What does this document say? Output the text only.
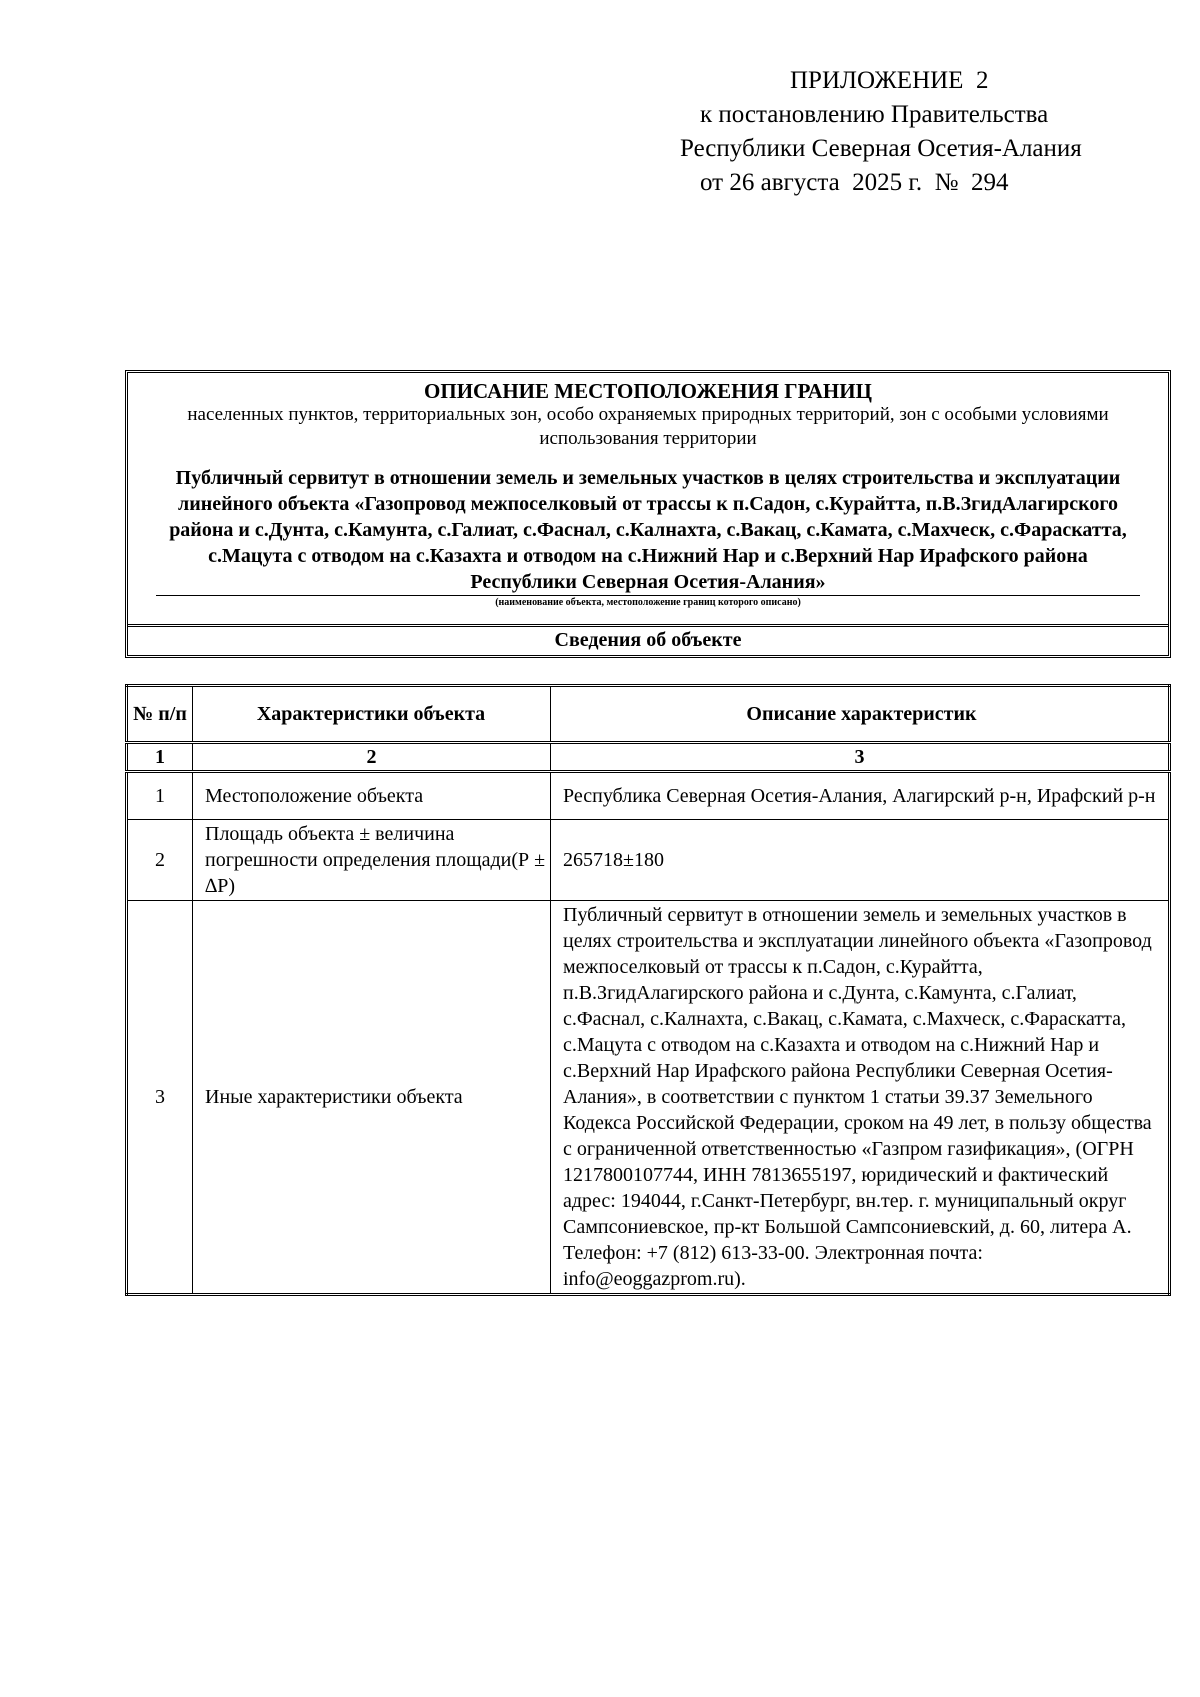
ПРИЛОЖЕНИЕ  2
к постановлению Правительства
Республики Северная Осетия-Алания
от 26 августа  2025 г.  №  294
ОПИСАНИЕ МЕСТОПОЛОЖЕНИЯ ГРАНИЦ
населенных пунктов, территориальных зон, особо охраняемых природных территорий, зон с особыми условиями использования территории
Публичный сервитут в отношении земель и земельных участков в целях строительства и эксплуатации линейного объекта «Газопровод межпоселковый от трассы к п.Садон, с.Курайтта, п.В.ЗгидАлагирского района и с.Дунта, с.Камунта, с.Галиат, с.Фаснал, с.Калнахта, с.Вакац, с.Камата, с.Махческ, с.Фараскатта, с.Мацута с отводом на с.Казахта и отводом на с.Нижний Нар и с.Верхний Нар Ирафского района Республики Северная Осетия-Алания»
(наименование объекта, местоположение границ которого описано)
Сведения об объекте
№ п/п	Характеристики объекта	Описание характеристик
1	2	3
1	Местоположение объекта	Республика Северная Осетия-Алания, Алагирский р-н, Ирафский р-н
2	Площадь объекта ± величина погрешности определения площади(Р ± ∆Р)	265718±180
3	Иные характеристики объекта	Публичный сервитут в отношении земель и земельных участков в целях строительства и эксплуатации линейного объекта «Газопровод межпоселковый от трассы к п.Садон, с.Курайтта, п.В.ЗгидАлагирского района и с.Дунта, с.Камунта, с.Галиат, с.Фаснал, с.Калнахта, с.Вакац, с.Камата, с.Махческ, с.Фараскатта, с.Мацута с отводом на с.Казахта и отводом на с.Нижний Нар и с.Верхний Нар Ирафского района Республики Северная Осетия-Алания», в соответствии с пунктом 1 статьи 39.37 Земельного Кодекса Российской Федерации, сроком на 49 лет, в пользу общества с ограниченной ответственностью «Газпром газификация», (ОГРН 1217800107744, ИНН 7813655197, юридический и фактический адрес: 194044, г.Санкт-Петербург, вн.тер. г. муниципальный округ Сампсониевское, пр-кт Большой Сампсониевский, д. 60, литера А. Телефон: +7 (812) 613-33-00. Электронная почта: info@eoggazprom.ru).
